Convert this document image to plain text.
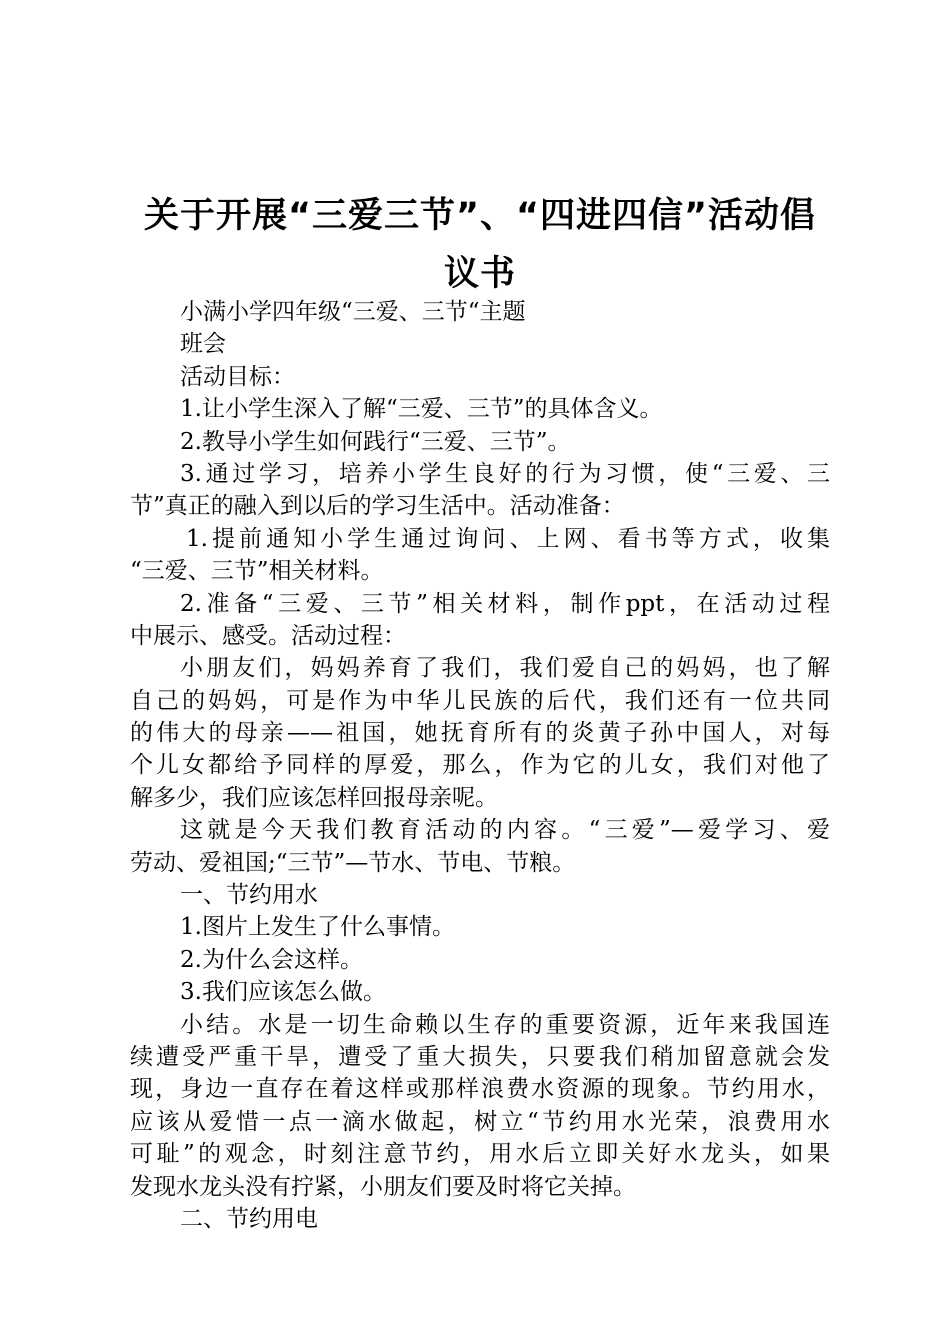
关于开展“三爱三节”、“四进四信”活动倡
议书
小满小学四年级“三爱、三节“主题
班会
活动目标：
1.让小学生深入了解“三爱、三节”的具体含义。
2.教导小学生如何践行“三爱、三节”。
3.通过学习，培养小学生良好的行为习惯，使“三爱、三
节”真正的融入到以后的学习生活中。活动准备：
1.提前通知小学生通过询问、上网、看书等方式，收集
“三爱、三节”相关材料。
2.准备“三爱、三节”相关材料，制作ppt，在活动过程
中展示、感受。活动过程：
小朋友们，妈妈养育了我们，我们爱自己的妈妈，也了解
自己的妈妈，可是作为中华儿民族的后代，我们还有一位共同
的伟大的母亲——祖国，她抚育所有的炎黄子孙中国人，对每
个儿女都给予同样的厚爱，那么，作为它的儿女，我们对他了
解多少，我们应该怎样回报母亲呢。
这就是今天我们教育活动的内容。“三爱”—爱学习、爱
劳动、爱祖国;“三节”—节水、节电、节粮。
一、节约用水
1.图片上发生了什么事情。
2.为什么会这样。
3.我们应该怎么做。
小结。水是一切生命赖以生存的重要资源，近年来我国连
续遭受严重干旱，遭受了重大损失，只要我们稍加留意就会发
现，身边一直存在着这样或那样浪费水资源的现象。节约用水，
应该从爱惜一点一滴水做起，树立“节约用水光荣，浪费用水
可耻”的观念，时刻注意节约，用水后立即关好水龙头，如果
发现水龙头没有拧紧，小朋友们要及时将它关掉。
二、节约用电
